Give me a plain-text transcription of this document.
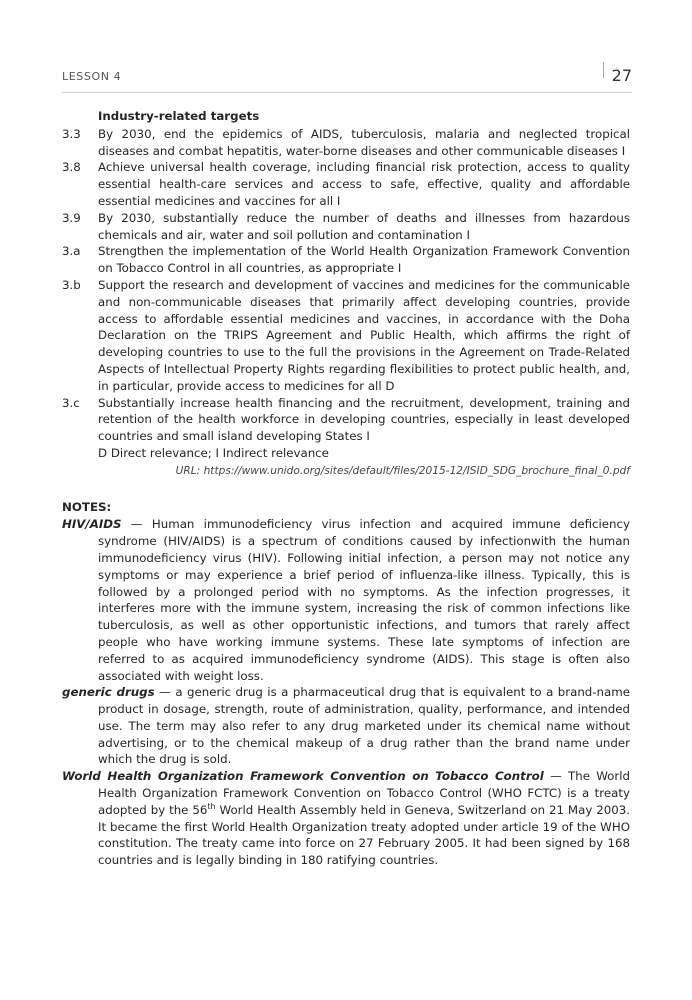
LESSON 4	27
Industry-related targets
3.3	By 2030, end the epidemics of AIDS, tuberculosis, malaria and neglected tropical diseases and combat hepatitis, water-borne diseases and other communicable diseases I
3.8	Achieve universal health coverage, including financial risk protection, access to quality essential health-care services and access to safe, effective, quality and affordable essential medicines and vaccines for all I
3.9	By 2030, substantially reduce the number of deaths and illnesses from hazardous chemicals and air, water and soil pollution and contamination I
3.a	Strengthen the implementation of the World Health Organization Framework Convention on Tobacco Control in all countries, as appropriate I
3.b	Support the research and development of vaccines and medicines for the communicable and non-communicable diseases that primarily affect developing countries, provide access to affordable essential medicines and vaccines, in accordance with the Doha Declaration on the TRIPS Agreement and Public Health, which affirms the right of developing countries to use to the full the provisions in the Agreement on Trade-Related Aspects of Intellectual Property Rights regarding flexibilities to protect public health, and, in particular, provide access to medicines for all D
3.c	Substantially increase health financing and the recruitment, development, training and retention of the health workforce in developing countries, especially in least developed countries and small island developing States I
D Direct relevance; I Indirect relevance
URL: https://www.unido.org/sites/default/files/2015-12/ISID_SDG_brochure_final_0.pdf
NOTES:
HIV/AIDS — Human immunodeficiency virus infection and acquired immune deficiency syndrome (HIV/AIDS) is a spectrum of conditions caused by infectionwith the human immunodeficiency virus (HIV). Following initial infection, a person may not notice any symptoms or may experience a brief period of influenza-like illness. Typically, this is followed by a prolonged period with no symptoms. As the infection progresses, it interferes more with the immune system, increasing the risk of common infections like tuberculosis, as well as other opportunistic infections, and tumors that rarely affect people who have working immune systems. These late symptoms of infection are referred to as acquired immunodeficiency syndrome (AIDS). This stage is often also associated with weight loss.
generic drugs — a generic drug is a pharmaceutical drug that is equivalent to a brand-name product in dosage, strength, route of administration, quality, performance, and intended use. The term may also refer to any drug marketed under its chemical name without advertising, or to the chemical makeup of a drug rather than the brand name under which the drug is sold.
World Health Organization Framework Convention on Tobacco Control — The World Health Organization Framework Convention on Tobacco Control (WHO FCTC) is a treaty adopted by the 56th World Health Assembly held in Geneva, Switzerland on 21 May 2003. It became the first World Health Organization treaty adopted under article 19 of the WHO constitution. The treaty came into force on 27 February 2005. It had been signed by 168 countries and is legally binding in 180 ratifying countries.
